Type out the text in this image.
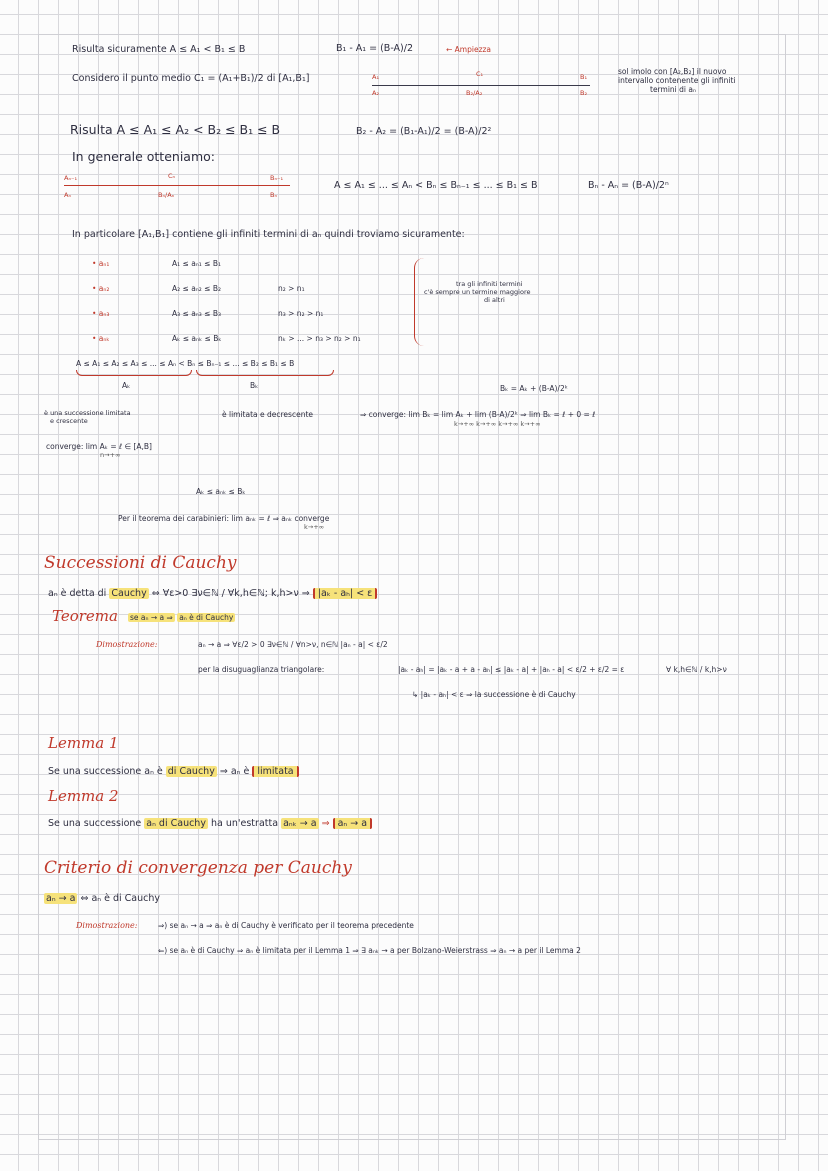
Risulta sicuramente A ≤ A₁ < B₁ ≤ B	B₁ - A₁ = (B-A)/2	← Ampiezza
Considero il punto medio C₁ = (A₁+B₁)/2 di [A₁,B₁]	A₁	C₁	B₁
A₂	B₂/A₂	B₂
sol imolo con [A₂,B₂] il nuovo
intervallo contenente gli infiniti
termini di aₙ
Risulta A ≤ A₁ ≤ A₂ < B₂ ≤ B₁ ≤ B	B₂ - A₂ = (B₁-A₁)/2 = (B-A)/2²
In generale otteniamo:
Aₙ₋₁	Cₙ	Bₙ₋₁
Aₙ	Bₙ/Aₙ	Bₙ
A ≤ A₁ ≤ ... ≤ Aₙ < Bₙ ≤ Bₙ₋₁ ≤ ... ≤ B₁ ≤ B	Bₙ - Aₙ = (B-A)/2ⁿ
In particolare [A₁,B₁] contiene gli infiniti termini di aₙ quindi troviamo sicuramente:
• aₙ₁	A₁ ≤ aₙ₁ ≤ B₁
• aₙ₂	A₂ ≤ aₙ₂ ≤ B₂	n₂ > n₁
• aₙ₃	A₃ ≤ aₙ₃ ≤ B₃	n₃ > n₂ > n₁
• aₙₖ	Aₖ ≤ aₙₖ ≤ Bₖ	nₖ > ... > n₃ > n₂ > n₁
tra gli infiniti termini
c'è sempre un termine maggiore
di altri
A ≤ A₁ ≤ A₂ ≤ A₃ ≤ ... ≤ Aₙ < Bₙ ≤ Bₙ₋₁ ≤ ... ≤ B₂ ≤ B₁ ≤ B
Aₖ	Bₖ	Bₖ = Aₖ + (B-A)/2ᵏ
è una successione limitata
e crescente
è limitata e decrescente	⇒ converge: lim Bₖ = lim Aₖ + lim (B-A)/2ᵏ ⇒ lim Bₖ = ℓ + 0 = ℓ
k→+∞ k→+∞ k→+∞ k→+∞
converge: lim Aₖ = ℓ ∈ [A,B]
n→+∞
Aₖ ≤ aₙₖ ≤ Bₖ
Per il teorema dei carabinieri: lim aₙₖ = ℓ ⇒ aₙₖ converge
k→+∞
Successioni di Cauchy
aₙ è detta di Cauchy ⇔ ∀ε>0 ∃ν∈ℕ / ∀k,h∈ℕ; k,h>ν ⇒ |aₖ - aₕ| < ε
Teorema se aₙ → a ⇒ aₙ è di Cauchy
Dimostrazione:	aₙ → a ⇒ ∀ε/2 > 0 ∃ν∈ℕ / ∀n>ν, n∈ℕ |aₙ - a| < ε/2
per la disuguaglianza triangolare:	|aₖ - aₕ| = |aₖ - a + a - aₕ| ≤ |aₖ - a| + |aₕ - a| < ε/2 + ε/2 = ε	∀ k,h∈ℕ / k,h>ν
↳ |aₖ - aₕ| < ε ⇒ la successione è di Cauchy
Lemma 1
Se una successione aₙ è di Cauchy ⇒ aₙ è limitata
Lemma 2
Se una successione aₙ di Cauchy ha un'estratta aₙₖ → a ⇒ aₙ → a
Criterio di convergenza per Cauchy
aₙ → a ⇔ aₙ è di Cauchy
Dimostrazione:	⇒) se aₙ → a ⇒ aₙ è di Cauchy è verificato per il teorema precedente
⇐) se aₙ è di Cauchy ⇒ aₙ è limitata per il Lemma 1 ⇒ ∃ aₙₖ → a per Bolzano-Weierstrass ⇒ aₙ → a per il Lemma 2
